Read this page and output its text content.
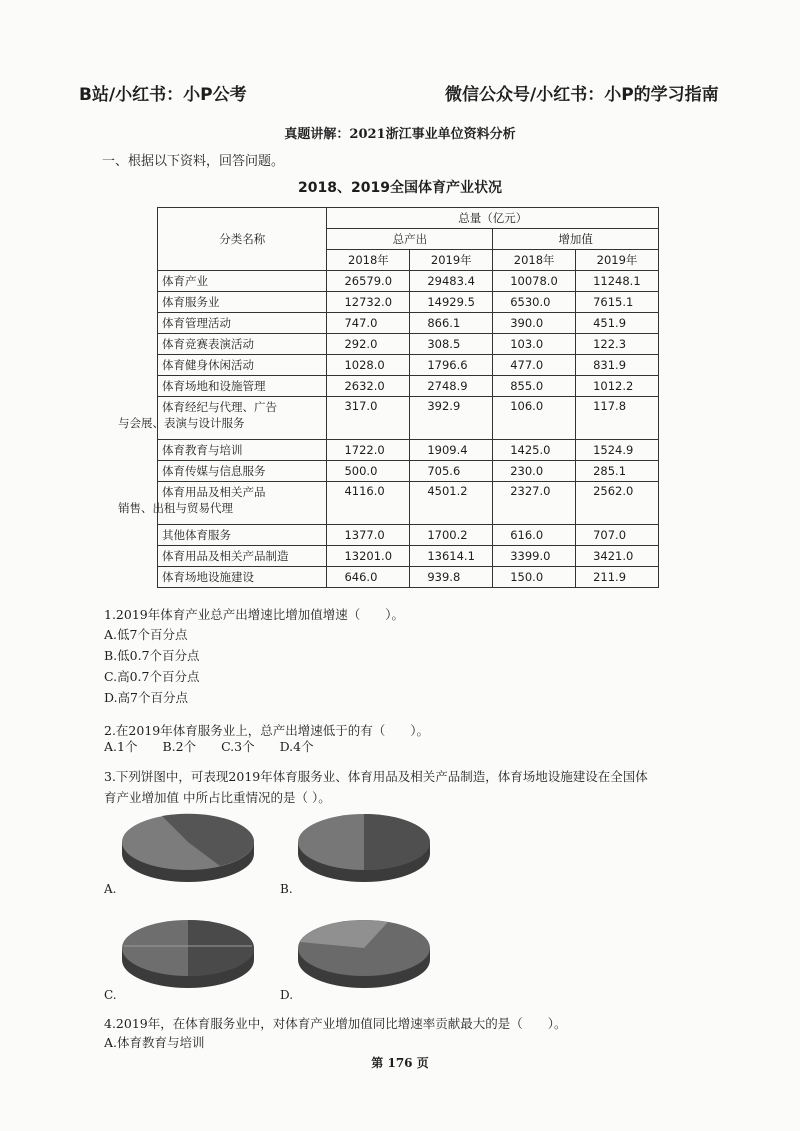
B站/小红书：小P公考	微信公众号/小红书：小P的学习指南
真题讲解：2021浙江事业单位资料分析
一、根据以下资料，回答问题。
2018、2019全国体育产业状况
分类名称	总量（亿元）			
	总产出		增加值	
	2018年	2019年	2018年	2019年
体育产业	26579.0	29483.4	10078.0	11248.1
体育服务业	12732.0	14929.5	6530.0	7615.1
体育管理活动	747.0	866.1	390.0	451.9
体育竞赛表演活动	292.0	308.5	103.0	122.3
体育健身休闲活动	1028.0	1796.6	477.0	831.9
体育场地和设施管理	2632.0	2748.9	855.0	1012.2
体育经纪与代理、广告
与会展、表演与设计服务	317.0	392.9	106.0	117.8
体育教育与培训	1722.0	1909.4	1425.0	1524.9
体育传媒与信息服务	500.0	705.6	230.0	285.1
体育用品及相关产品
销售、出租与贸易代理	4116.0	4501.2	2327.0	2562.0
其他体育服务	1377.0	1700.2	616.0	707.0
体育用品及相关产品制造	13201.0	13614.1	3399.0	3421.0
体育场地设施建设	646.0	939.8	150.0	211.9
1.2019年体育产业总产出增速比增加值增速（　　）。
A.低7个百分点
B.低0.7个百分点
C.高0.7个百分点
D.高7个百分点
2.在2019年体育服务业上，总产出增速低于的有（　　）。
A.1个　　B.2个　　C.3个　　D.4个
3.下列饼图中，可表现2019年体育服务业、体育用品及相关产品制造，体育场地设施建设在全国体
育产业增加值 中所占比重情况的是（ ）。
A.	B.
C.	D.
4.2019年，在体育服务业中，对体育产业增加值同比增速率贡献最大的是（　　）。
A.体育教育与培训
第 176 页
